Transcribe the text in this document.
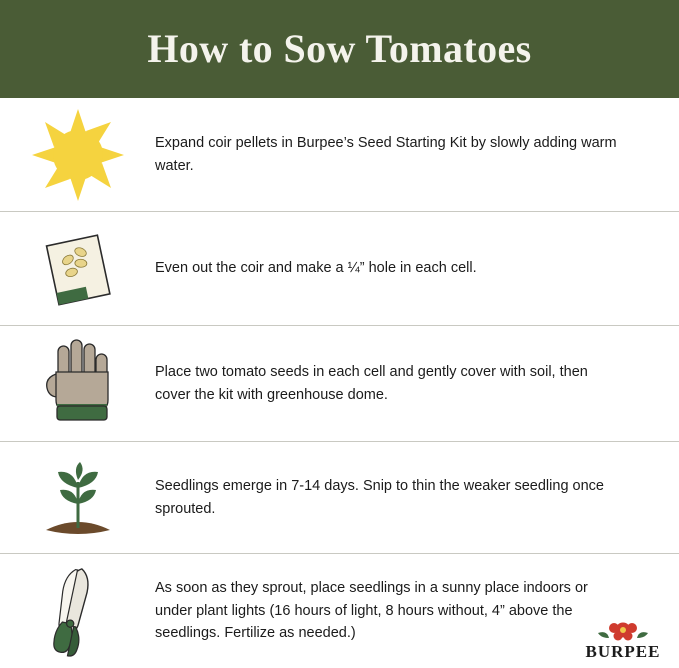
How to Sow Tomatoes
Expand coir pellets in Burpee’s Seed Starting Kit by slowly adding warm water.
Even out the coir and make a ¼” hole in each cell.
Place two tomato seeds in each cell and gently cover with soil, then cover the kit with greenhouse dome.
Seedlings emerge in 7-14 days. Snip to thin the weaker seedling once sprouted.
As soon as they sprout, place seedlings in a sunny place indoors or under plant lights (16 hours of light, 8 hours without, 4” above the seedlings. Fertilize as needed.)
BURPEE
